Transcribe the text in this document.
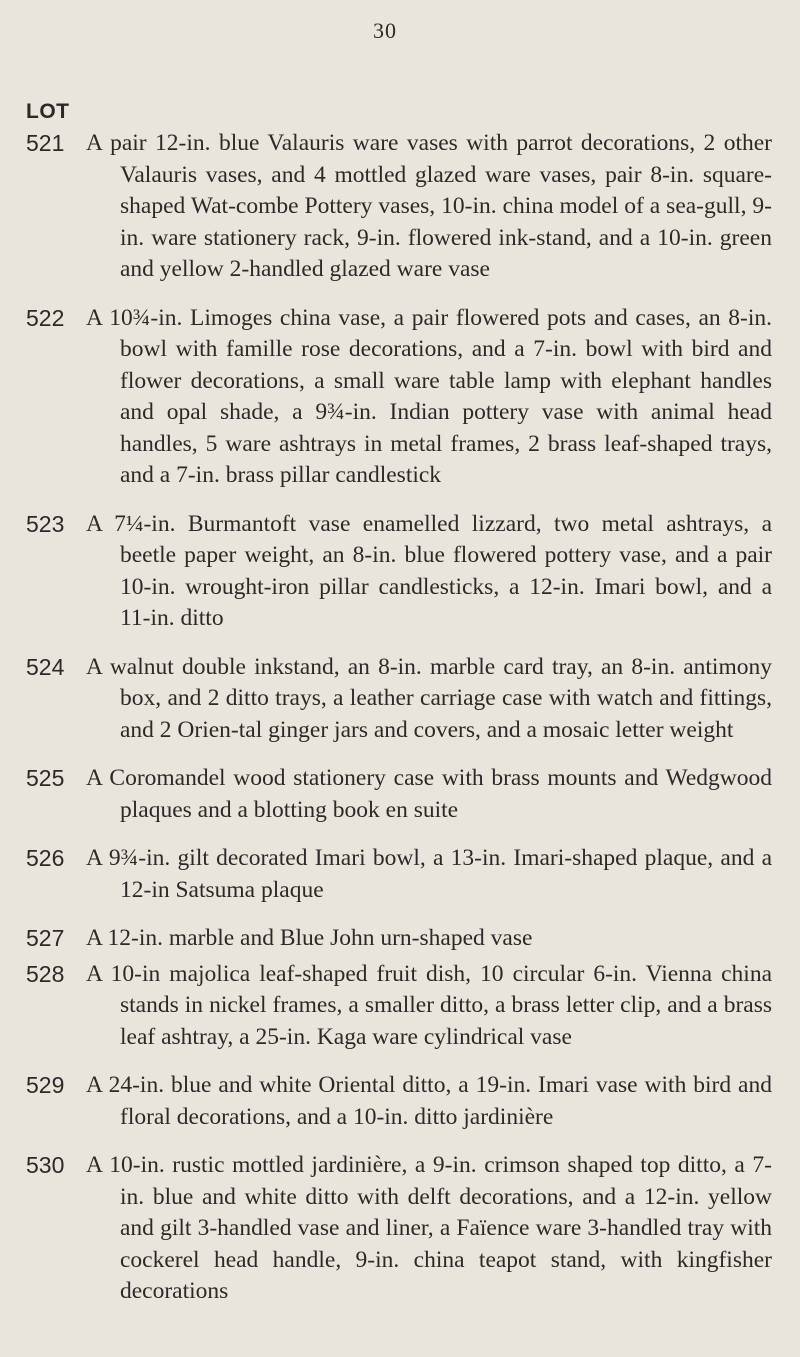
30
LOT
521 A pair 12-in. blue Valauris ware vases with parrot decorations, 2 other Valauris vases, and 4 mottled glazed ware vases, pair 8-in. square-shaped Wat-combe Pottery vases, 10-in. china model of a sea-gull, 9-in. ware stationery rack, 9-in. flowered ink-stand, and a 10-in. green and yellow 2-handled glazed ware vase
522 A 10¾-in. Limoges china vase, a pair flowered pots and cases, an 8-in. bowl with famille rose decorations, and a 7-in. bowl with bird and flower decorations, a small ware table lamp with elephant handles and opal shade, a 9¾-in. Indian pottery vase with animal head handles, 5 ware ashtrays in metal frames, 2 brass leaf-shaped trays, and a 7-in. brass pillar candlestick
523 A 7¼-in. Burmantoft vase enamelled lizzard, two metal ashtrays, a beetle paper weight, an 8-in. blue flowered pottery vase, and a pair 10-in. wrought-iron pillar candlesticks, a 12-in. Imari bowl, and a 11-in. ditto
524 A walnut double inkstand, an 8-in. marble card tray, an 8-in. antimony box, and 2 ditto trays, a leather carriage case with watch and fittings, and 2 Orien-tal ginger jars and covers, and a mosaic letter weight
525 A Coromandel wood stationery case with brass mounts and Wedgwood plaques and a blotting book en suite
526 A 9¾-in. gilt decorated Imari bowl, a 13-in. Imari-shaped plaque, and a 12-in Satsuma plaque
527 A 12-in. marble and Blue John urn-shaped vase
528 A 10-in majolica leaf-shaped fruit dish, 10 circular 6-in. Vienna china stands in nickel frames, a smaller ditto, a brass letter clip, and a brass leaf ashtray, a 25-in. Kaga ware cylindrical vase
529 A 24-in. blue and white Oriental ditto, a 19-in. Imari vase with bird and floral decorations, and a 10-in. ditto jardinière
530 A 10-in. rustic mottled jardinière, a 9-in. crimson shaped top ditto, a 7-in. blue and white ditto with delft decorations, and a 12-in. yellow and gilt 3-handled vase and liner, a Faïence ware 3-handled tray with cockerel head handle, 9-in. china teapot stand, with kingfisher decorations
